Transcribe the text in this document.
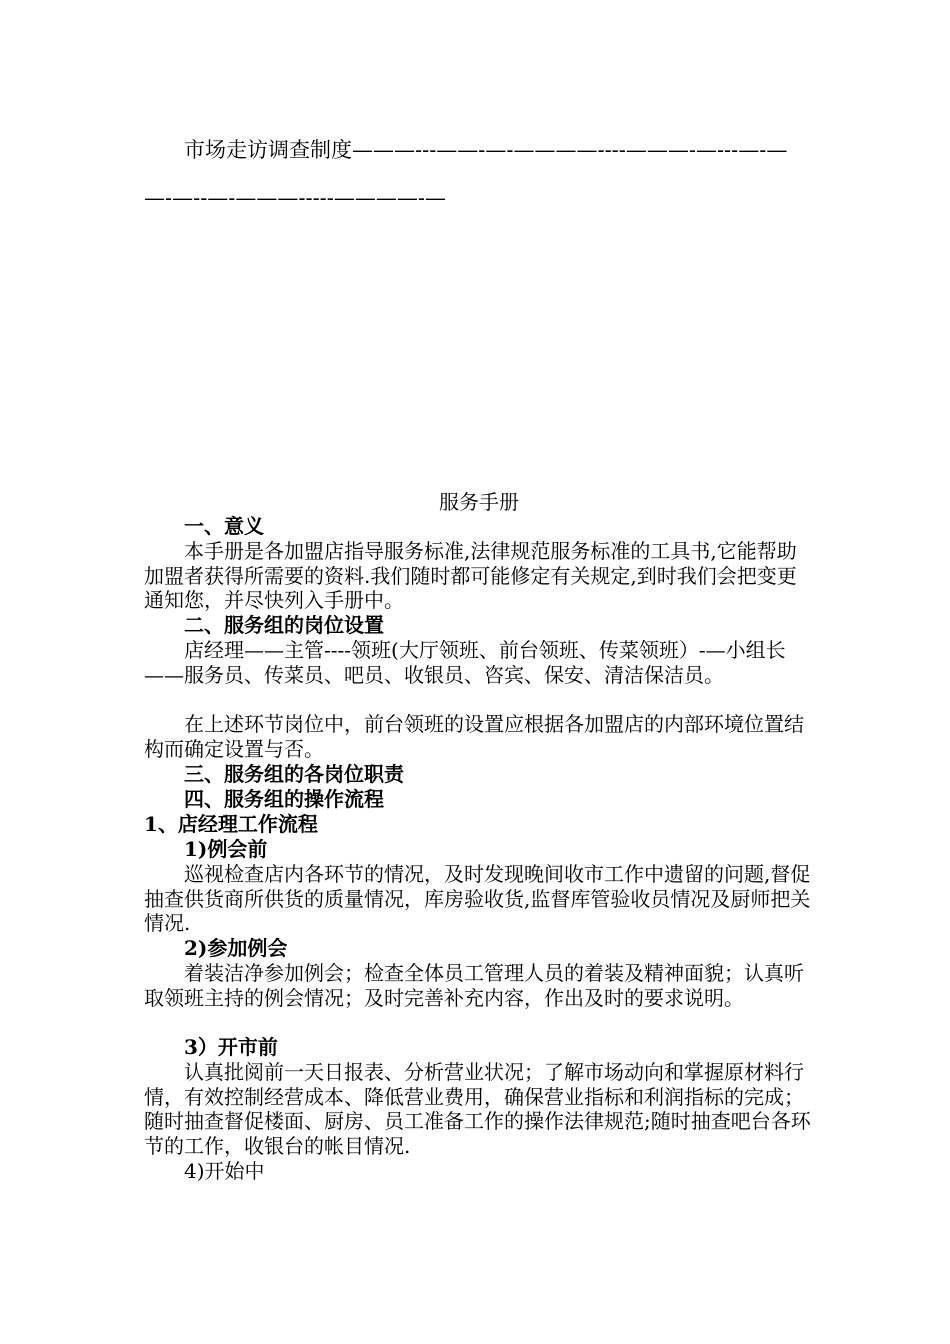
市场走访调查制度———---——-—-————----———-—---—-—
—-—--—-———-----————-—
服务手册
一、意义
本手册是各加盟店指导服务标准,法律规范服务标准的工具书,它能帮助加盟者获得所需要的资料.我们随时都可能修定有关规定,到时我们会把变更通知您，并尽快列入手册中。
二、服务组的岗位设置
店经理——主管----领班(大厅领班、前台领班、传菜领班）-—小组长——服务员、传菜员、吧员、收银员、咨宾、保安、清洁保洁员。
在上述环节岗位中，前台领班的设置应根据各加盟店的内部环境位置结构而确定设置与否。
三、服务组的各岗位职责
四、服务组的操作流程
1、店经理工作流程
1)例会前
巡视检查店内各环节的情况，及时发现晚间收市工作中遗留的问题,督促抽查供货商所供货的质量情况，库房验收货,监督库管验收员情况及厨师把关情况.
2)参加例会
着装洁净参加例会；检查全体员工管理人员的着装及精神面貌；认真听取领班主持的例会情况；及时完善补充内容，作出及时的要求说明。
3）开市前
认真批阅前一天日报表、分析营业状况；了解市场动向和掌握原材料行情，有效控制经营成本、降低营业费用，确保营业指标和利润指标的完成；随时抽查督促楼面、厨房、员工准备工作的操作法律规范;随时抽查吧台各环节的工作，收银台的帐目情况.
4)开始中
